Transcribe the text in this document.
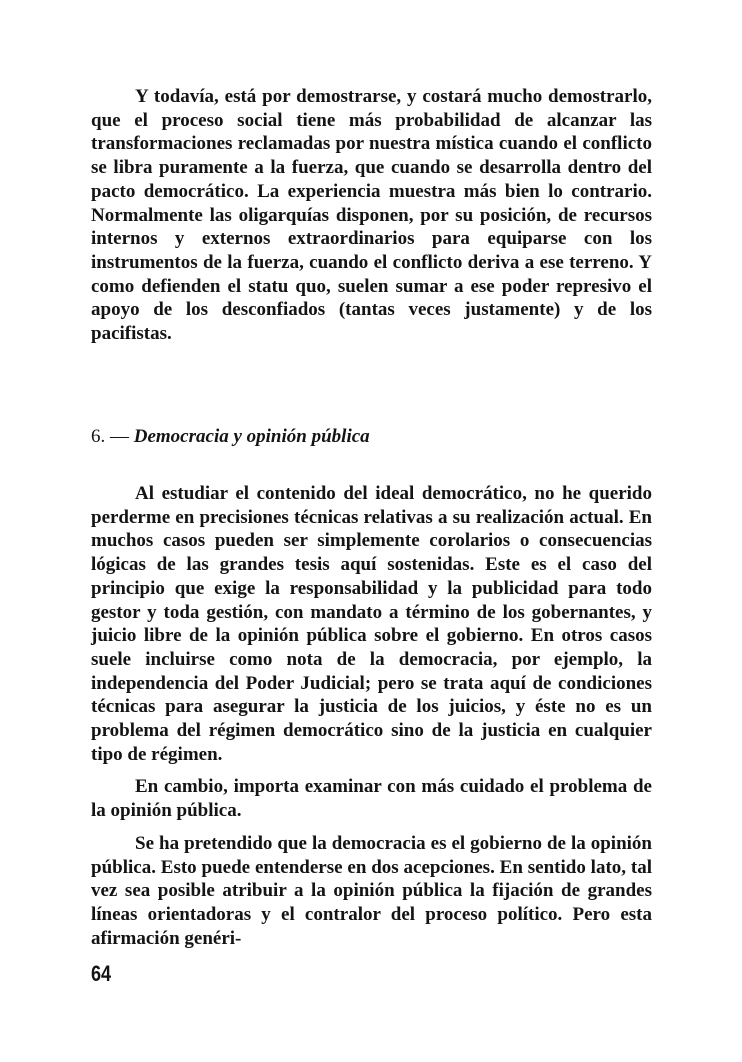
Y todavía, está por demostrarse, y costará mucho demostrarlo, que el proceso social tiene más probabilidad de alcanzar las transformaciones reclamadas por nuestra mística cuando el conflicto se libra puramente a la fuerza, que cuando se desarrolla dentro del pacto democrático. La experiencia muestra más bien lo contrario. Normalmente las oligarquías disponen, por su posición, de recursos internos y externos extraordinarios para equiparse con los instrumentos de la fuerza, cuando el conflicto deriva a ese terreno. Y como defienden el statu quo, suelen sumar a ese poder represivo el apoyo de los desconfiados (tantas veces justamente) y de los pacifistas.

6. — Democracia y opinión pública

Al estudiar el contenido del ideal democrático, no he querido perderme en precisiones técnicas relativas a su realización actual. En muchos casos pueden ser simplemente corolarios o consecuencias lógicas de las grandes tesis aquí sostenidas. Este es el caso del principio que exige la responsabilidad y la publicidad para todo gestor y toda gestión, con mandato a término de los gobernantes, y juicio libre de la opinión pública sobre el gobierno. En otros casos suele incluirse como nota de la democracia, por ejemplo, la independencia del Poder Judicial; pero se trata aquí de condiciones técnicas para asegurar la justicia de los juicios, y éste no es un problema del régimen democrático sino de la justicia en cualquier tipo de régimen.

En cambio, importa examinar con más cuidado el problema de la opinión pública.

Se ha pretendido que la democracia es el gobierno de la opinión pública. Esto puede entenderse en dos acepciones. En sentido lato, tal vez sea posible atribuir a la opinión pública la fijación de grandes líneas orientadoras y el contralor del proceso político. Pero esta afirmación genéri-

64
